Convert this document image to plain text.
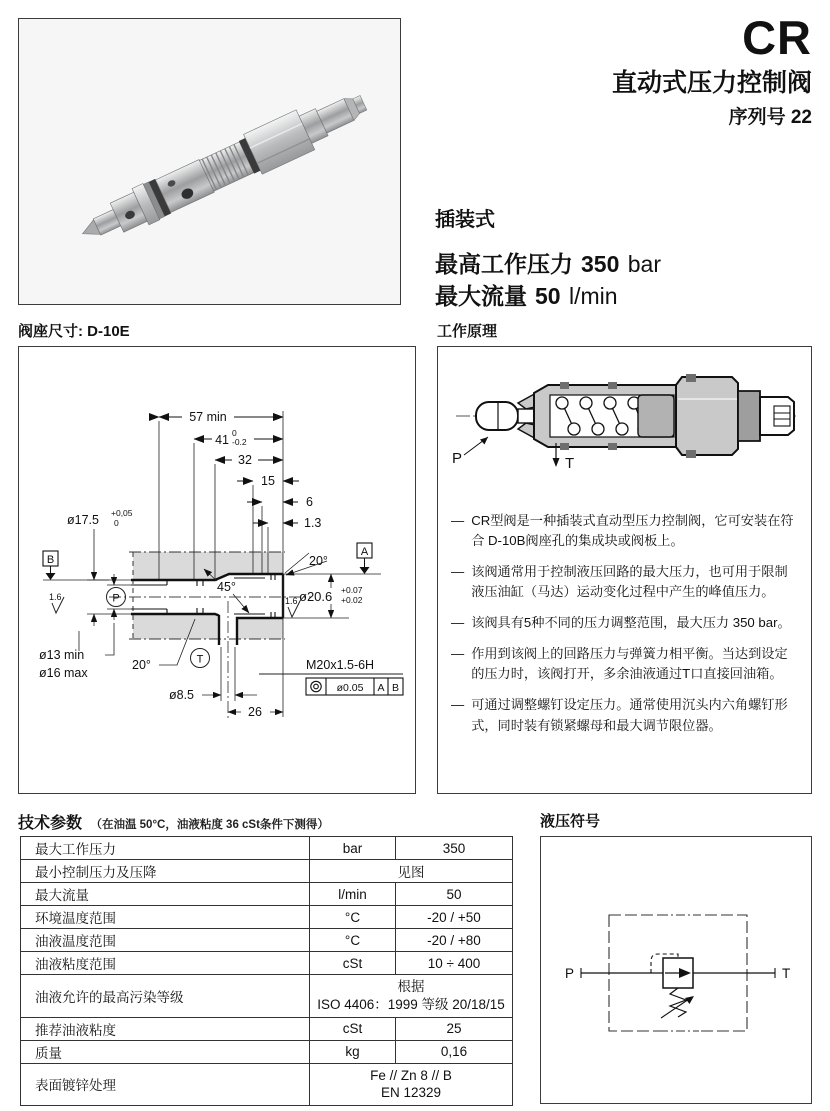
CR
直动式压力控制阀
序列号 22
插装式
最高工作压力 350 bar
最大流量 50 l/min
阀座尺寸: D-10E
57 min
41 0
-0.2
32
15
6
1.3
ø17.5 +0,05
0
B
A
ø20.6 +0.07
+0.02
P
T
1.6	1.6
45°
20°
20°
ø13 min
ø16 max
ø8.5
26
M20x1.5-6H
ø0.05 A B
工作原理
P	T
— CR型阀是一种插装式直动型压力控制阀，它可安装在符合 D-10B阀座孔的集成块或阀板上。
— 该阀通常用于控制液压回路的最大压力，也可用于限制液压油缸（马达）运动变化过程中产生的峰值压力。
— 该阀具有5种不同的压力调整范围，最大压力 350 bar。
— 作用到该阀上的回路压力与弹簧力相平衡。当达到设定的压力时，该阀打开，多余油液通过T口直接回油箱。
— 可通过调整螺钉设定压力。通常使用沉头内六角螺钉形式，同时装有锁紧螺母和最大调节限位器。
技术参数 （在油温 50°C，油液粘度 36 cSt条件下测得）
最大工作压力	bar	350
最小控制压力及压降	见图	
最大流量	l/min	50
环境温度范围	°C	-20 / +50
油液温度范围	°C	-20 / +80
油液粘度范围	cSt	10 ÷ 400
油液允许的最高污染等级	根据
ISO 4406：1999 等级 20/18/15	

推荐油液粘度	cSt	25
质量	kg	0,16
表面镀锌处理	Fe // Zn 8 // B
EN 12329	
液压符号
P	T
